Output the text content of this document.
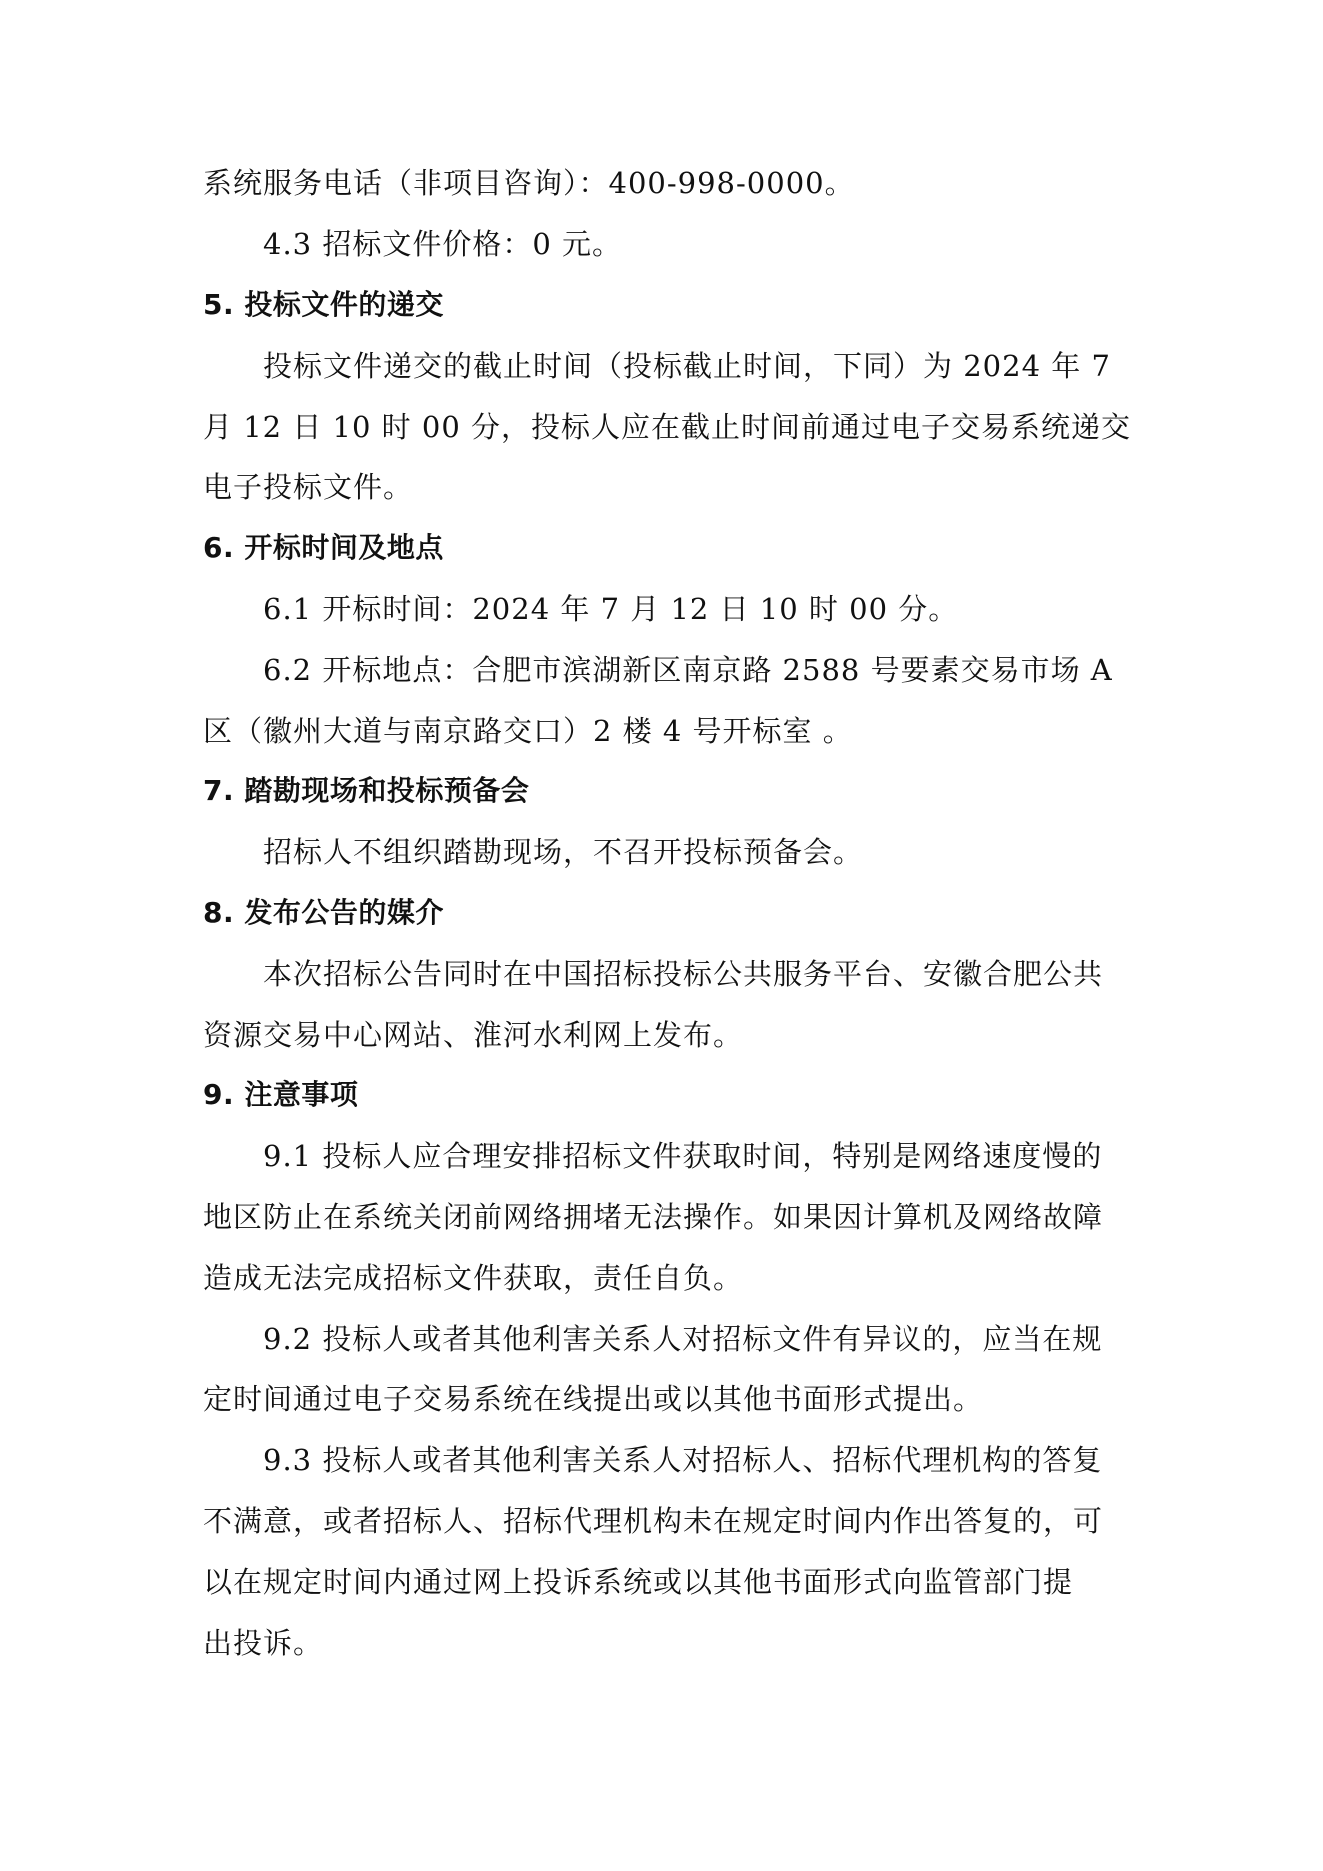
系统服务电话（非项目咨询）：400-998-0000。
4.3 招标文件价格：0 元。
5. 投标文件的递交
投标文件递交的截止时间（投标截止时间，下同）为 2024 年 7
月 12 日 10 时 00 分，投标人应在截止时间前通过电子交易系统递交
电子投标文件。
6. 开标时间及地点
6.1 开标时间：2024 年 7 月 12 日 10 时 00 分。
6.2 开标地点：合肥市滨湖新区南京路 2588 号要素交易市场 A
区（徽州大道与南京路交口）2 楼 4 号开标室 。
7. 踏勘现场和投标预备会
招标人不组织踏勘现场，不召开投标预备会。
8. 发布公告的媒介
本次招标公告同时在中国招标投标公共服务平台、安徽合肥公共
资源交易中心网站、淮河水利网上发布。
9. 注意事项
9.1 投标人应合理安排招标文件获取时间，特别是网络速度慢的
地区防止在系统关闭前网络拥堵无法操作。如果因计算机及网络故障
造成无法完成招标文件获取，责任自负。
9.2 投标人或者其他利害关系人对招标文件有异议的，应当在规
定时间通过电子交易系统在线提出或以其他书面形式提出。
9.3 投标人或者其他利害关系人对招标人、招标代理机构的答复
不满意，或者招标人、招标代理机构未在规定时间内作出答复的，可
以在规定时间内通过网上投诉系统或以其他书面形式向监管部门提
出投诉。
